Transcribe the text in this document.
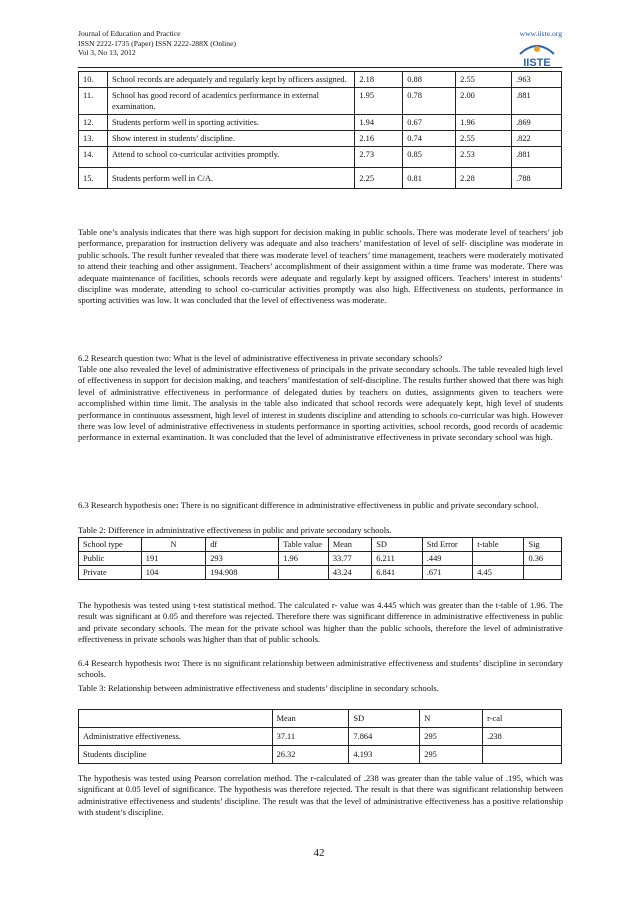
Journal of Education and Practice
ISSN 2222-1735 (Paper) ISSN 2222-288X (Online)
Vol 3, No 13, 2012
www.iiste.org
IISTE
10.	School records are adequately and regularly kept by officers assigned.	2.18	0.88	2.55	.963
11.	School has good record of academics performance in external examination.	1.95	0.78	2.00	.881
12.	Students perform well in sporting activities.	1.94	0.67	1.96	.869
13.	Show interest in students’ discipline.	2.16	0.74	2.55	.822
14.	Attend to school co-curricular activities promptly.	2.73	0.85	2.53	.881
15.	Students perform well in C/A.	2.25	0.81	2.28	.788

Table one’s analysis indicates that there was high support for decision making in public schools. There was moderate level of teachers’ job performance, preparation for instruction delivery was adequate and also teachers’ manifestation of level of self- discipline was moderate in public schools. The result further revealed that there was moderate level of teachers’ time management, teachers were moderately motivated to attend their teaching and other assignment. Teachers’ accomplishment of their assignment within a time frame was moderate. There was adequate maintenance of facilities, schools records were adequate and regularly kept by assigned officers. Teachers’ interest in students’ discipline was moderate, attending to school co-curricular activities promptly was also high. Effectiveness on students, performance in sporting activities was low. It was concluded that the level of effectiveness was moderate.

6.2 Research question two: What is the level of administrative effectiveness in private secondary schools?

Table one also revealed the level of administrative effectiveness of principals in the private secondary schools. The table revealed high level of effectiveness in support for decision making, and teachers’ manifestation of self-discipline. The results further showed that there was high level of administrative effectiveness in performance of delegated duties by teachers on duties, assignments given to teachers were accomplished within time limit. The analysis in the table also indicated that school records were adequately kept, high level of students performance in continuous assessment, high level of interest in students discipline and attending to schools co-curricular was high. However there was low level of administrative effectiveness in students performance in sporting activities, school records, good records of academic performance in external examination. It was concluded that the level of administrative effectiveness in private secondary school was high.

6.3 Research hypothesis one: There is no significant difference in administrative effectiveness in public and private secondary school.

Table 2: Difference in administrative effectiveness in public and private secondary schools.
School type	N	df	Table value	Mean	SD	Std Error	t-table	Sig
Public	191	293	1.96	33.77	6.211	.449		0.36
Private	104	194.908		43.24	6.841	.671	4.45	

The hypothesis was tested using t-test statistical method. The calculated r- value was 4.445 which was greater than the t-table of 1.96. The result was significant at 0.05 and therefore was rejected. Therefore there was significant difference in administrative effectiveness in public and private secondary schools. The mean for the private school was higher than the public schools, therefore the level of administrative effectiveness in private schools was higher than that of public schools.

6.4 Research hypothesis two: There is no significant relationship between administrative effectiveness and students’ discipline in secondary schools.

Table 3: Relationship between administrative effectiveness and students’ discipline in secondary schools.
	Mean	SD	N	r-cal
Administrative effectiveness.	37.11	7.864	295	.238
Students discipline	26.32	4.193	295	

The hypothesis was tested using Pearson correlation method. The r-calculated of .238 was greater than the table value of .195, which was significant at 0.05 level of significance. The hypothesis was therefore rejected. The result is that there was significant relationship between administrative effectiveness and students’ discipline. The result was that the level of administrative effectiveness has a positive relationship with student’s discipline.

42
